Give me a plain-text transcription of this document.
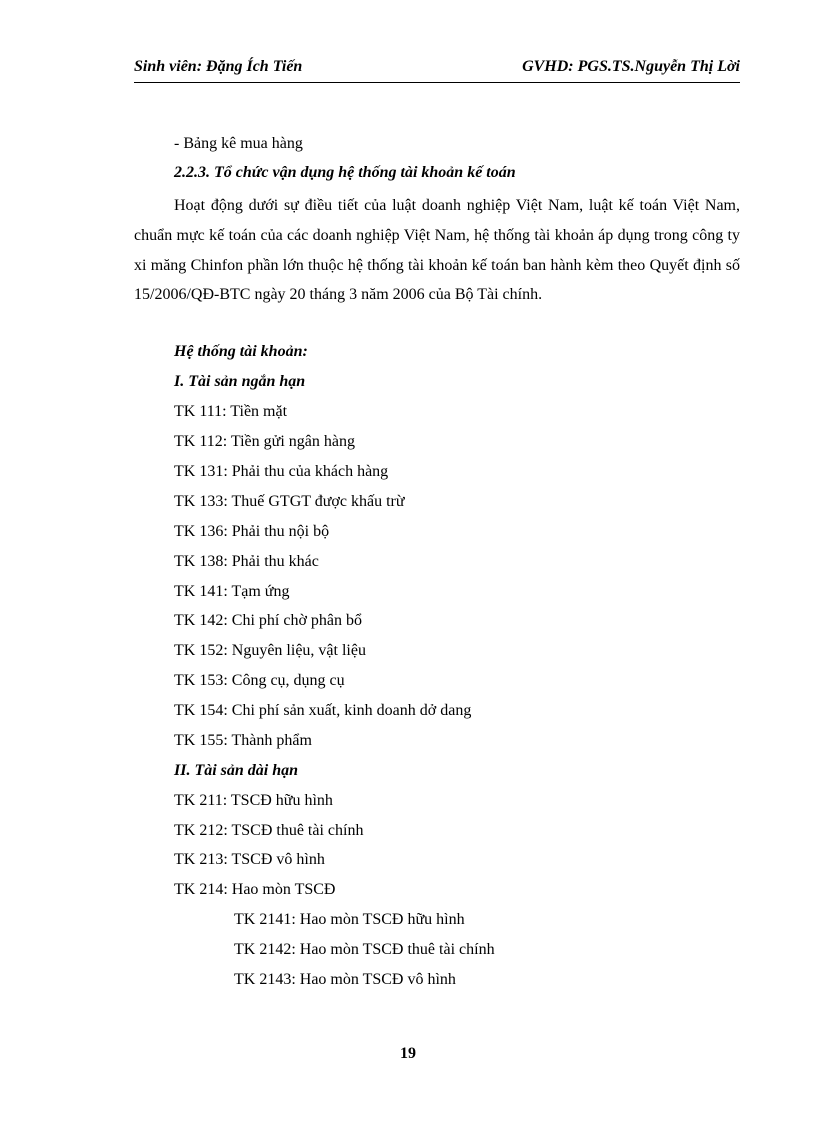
Sinh viên: Đặng Ích Tiến	GVHD: PGS.TS.Nguyễn Thị Lời
- Bảng kê mua hàng
2.2.3. Tổ chức vận dụng hệ thống tài khoản kế toán

Hoạt động dưới sự điều tiết của luật doanh nghiệp Việt Nam, luật kế toán Việt Nam, chuẩn mực kế toán của các doanh nghiệp Việt Nam, hệ thống tài khoản áp dụng trong công ty xi măng Chinfon phần lớn thuộc hệ thống tài khoản kế toán ban hành kèm theo Quyết định số 15/2006/QĐ-BTC ngày 20 tháng 3 năm 2006 của Bộ Tài chính.

Hệ thống tài khoản:
I. Tài sản ngắn hạn
TK 111: Tiền mặt
TK 112: Tiền gửi ngân hàng
TK 131: Phải thu của khách hàng
TK 133: Thuế GTGT được khấu trừ
TK 136: Phải thu nội bộ
TK 138: Phải thu khác
TK 141: Tạm ứng
TK 142: Chi phí chờ phân bổ
TK 152: Nguyên liệu, vật liệu
TK 153: Công cụ, dụng cụ
TK 154: Chi phí sản xuất, kinh doanh dở dang
TK 155: Thành phẩm
II. Tài sản dài hạn
TK 211: TSCĐ hữu hình
TK 212: TSCĐ thuê tài chính
TK 213: TSCĐ vô hình
TK 214: Hao mòn TSCĐ
TK 2141: Hao mòn TSCĐ hữu hình
TK 2142: Hao mòn TSCĐ thuê tài chính
TK 2143: Hao mòn TSCĐ vô hình
19
